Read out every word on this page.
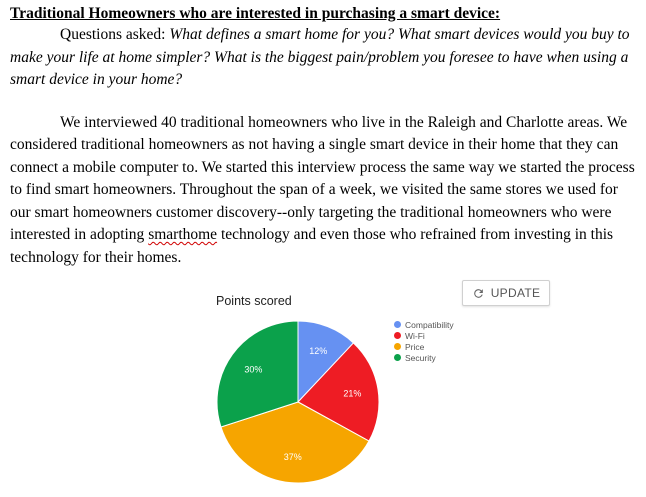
Traditional Homeowners who are interested in purchasing a smart device:

Questions asked: What defines a smart home for you? What smart devices would you buy to make your life at home simpler? What is the biggest pain/problem you foresee to have when using a smart device in your home?

We interviewed 40 traditional homeowners who live in the Raleigh and Charlotte areas. We considered traditional homeowners as not having a single smart device in their home that they can connect a mobile computer to. We started this interview process the same way we started the process to find smart homeowners. Throughout the span of a week, we visited the same stores we used for our smart homeowners customer discovery--only targeting the traditional homeowners who were interested in adopting smarthome technology and even those who refrained from investing in this technology for their homes.

Points scored
UPDATE
Compatibility
Wi-Fi
Price
Security
12%
21%
37%
30%
